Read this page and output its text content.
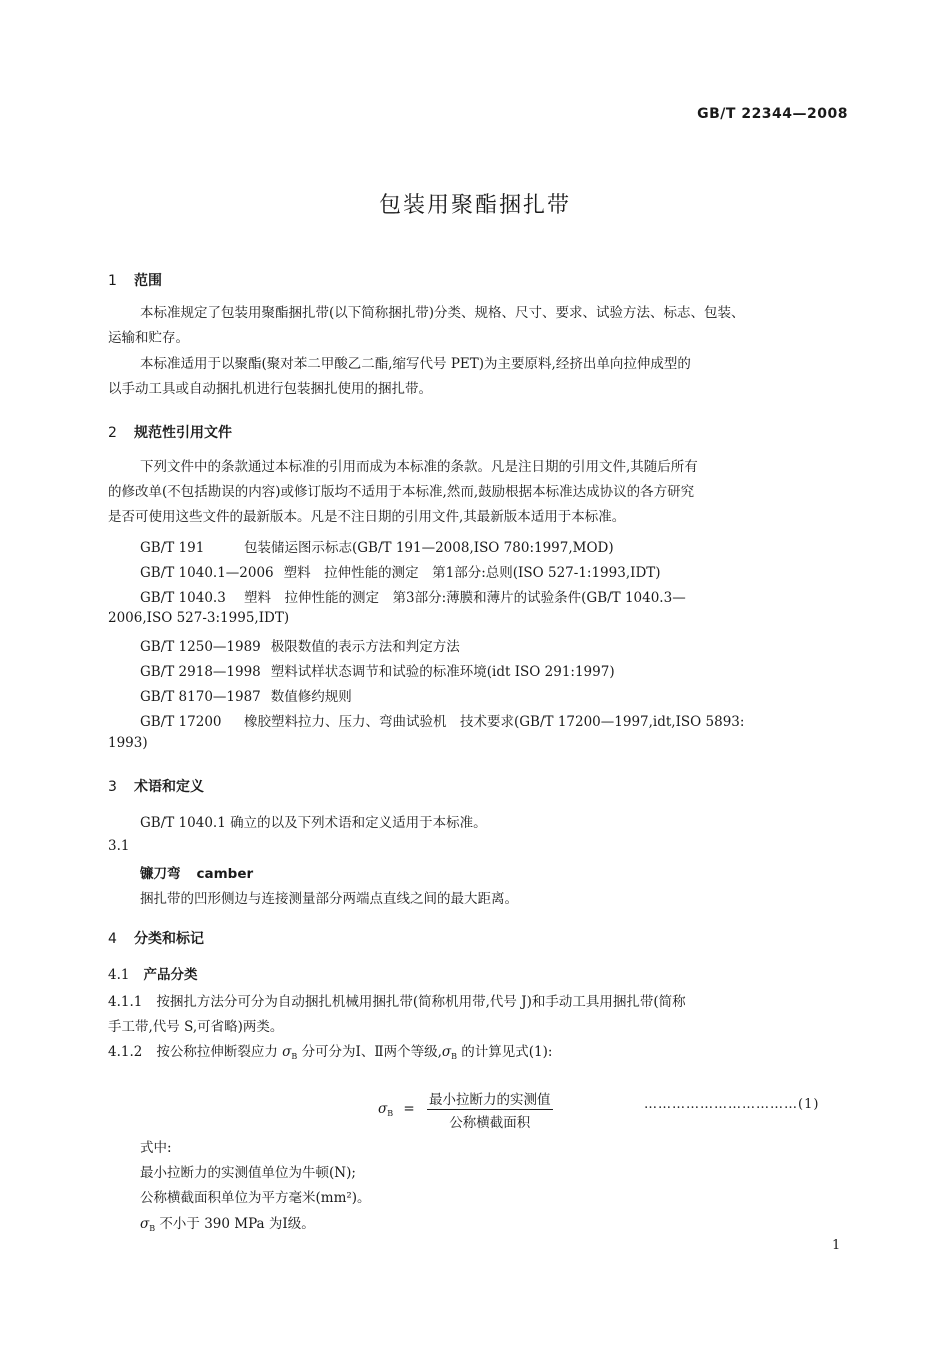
GB/T 22344—2008
包装用聚酯捆扎带
1 范围
本标准规定了包装用聚酯捆扎带(以下简称捆扎带)分类、规格、尺寸、要求、试验方法、标志、包装、
运输和贮存。
本标准适用于以聚酯(聚对苯二甲酸乙二酯,缩写代号 PET)为主要原料,经挤出单向拉伸成型的
以手动工具或自动捆扎机进行包装捆扎使用的捆扎带。
2 规范性引用文件
下列文件中的条款通过本标准的引用而成为本标准的条款。凡是注日期的引用文件,其随后所有
的修改单(不包括勘误的内容)或修订版均不适用于本标准,然而,鼓励根据本标准达成协议的各方研究
是否可使用这些文件的最新版本。凡是不注日期的引用文件,其最新版本适用于本标准。
GB/T 191	包装储运图示标志(GB/T 191—2008,ISO 780:1997,MOD)
GB/T 1040.1—2006 塑料　拉伸性能的测定　第1部分:总则(ISO 527-1:1993,IDT)
GB/T 1040.3 塑料　拉伸性能的测定　第3部分:薄膜和薄片的试验条件(GB/T 1040.3—
2006,ISO 527-3:1995,IDT)
GB/T 1250—1989 极限数值的表示方法和判定方法
GB/T 2918—1998 塑料试样状态调节和试验的标准环境(idt ISO 291:1997)
GB/T 8170—1987 数值修约规则
GB/T 17200 橡胶塑料拉力、压力、弯曲试验机　技术要求(GB/T 17200—1997,idt,ISO 5893:
1993)
3 术语和定义
GB/T 1040.1 确立的以及下列术语和定义适用于本标准。
3.1
镰刀弯 camber
捆扎带的凹形侧边与连接测量部分两端点直线之间的最大距离。
4 分类和标记
4.1 产品分类
4.1.1 按捆扎方法分可分为自动捆扎机械用捆扎带(简称机用带,代号 J)和手动工具用捆扎带(简称
手工带,代号 S,可省略)两类。
4.1.2 按公称拉伸断裂应力 $\sigma_B$ 分可分为Ⅰ、Ⅱ两个等级$,\sigma_B$ 的计算见式(1):
$\sigma_B = \frac{\text{最小拉断力的实测值}}{\text{公称横截面积}}$	……………………………(1)
式中:
最小拉断力的实测值单位为牛顿(N);
公称横截面积单位为平方毫米(mm²)。
$\sigma_B$ 不小于 390 MPa 为Ⅰ级。
1
